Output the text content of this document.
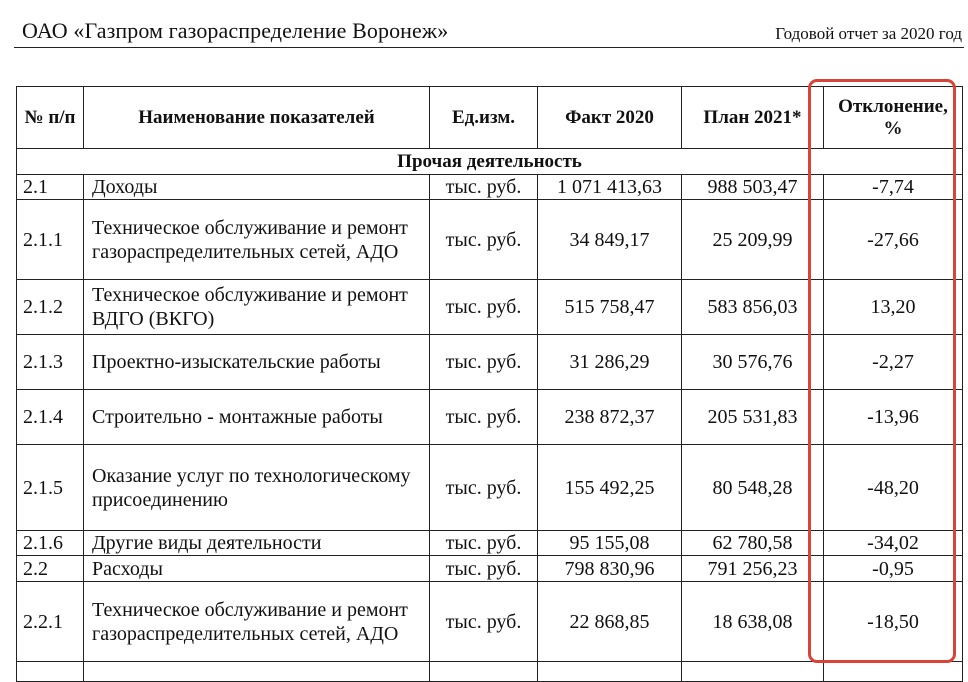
ОАО «Газпром газораспределение Воронеж»	Годовой отчет за 2020 год
№ п/п	Наименование показателей	Ед.изм.	Факт 2020	План 2021*	Отклонение, %
Прочая деятельность					
2.1	Доходы	тыс. руб.	1 071 413,63	988 503,47	-7,74
2.1.1	Техническое обслуживание и ремонт газораспределительных сетей, АДО	тыс. руб.	34 849,17	25 209,99	-27,66
2.1.2	Техническое обслуживание и ремонт ВДГО (ВКГО)	тыс. руб.	515 758,47	583 856,03	13,20
2.1.3	Проектно-изыскательские работы	тыс. руб.	31 286,29	30 576,76	-2,27
2.1.4	Строительно - монтажные работы	тыс. руб.	238 872,37	205 531,83	-13,96
2.1.5	Оказание услуг по технологическому присоединению	тыс. руб.	155 492,25	80 548,28	-48,20
2.1.6	Другие виды деятельности	тыс. руб.	95 155,08	62 780,58	-34,02
2.2	Расходы	тыс. руб.	798 830,96	791 256,23	-0,95
2.2.1	Техническое обслуживание и ремонт газораспределительных сетей, АДО	тыс. руб.	22 868,85	18 638,08	-18,50
